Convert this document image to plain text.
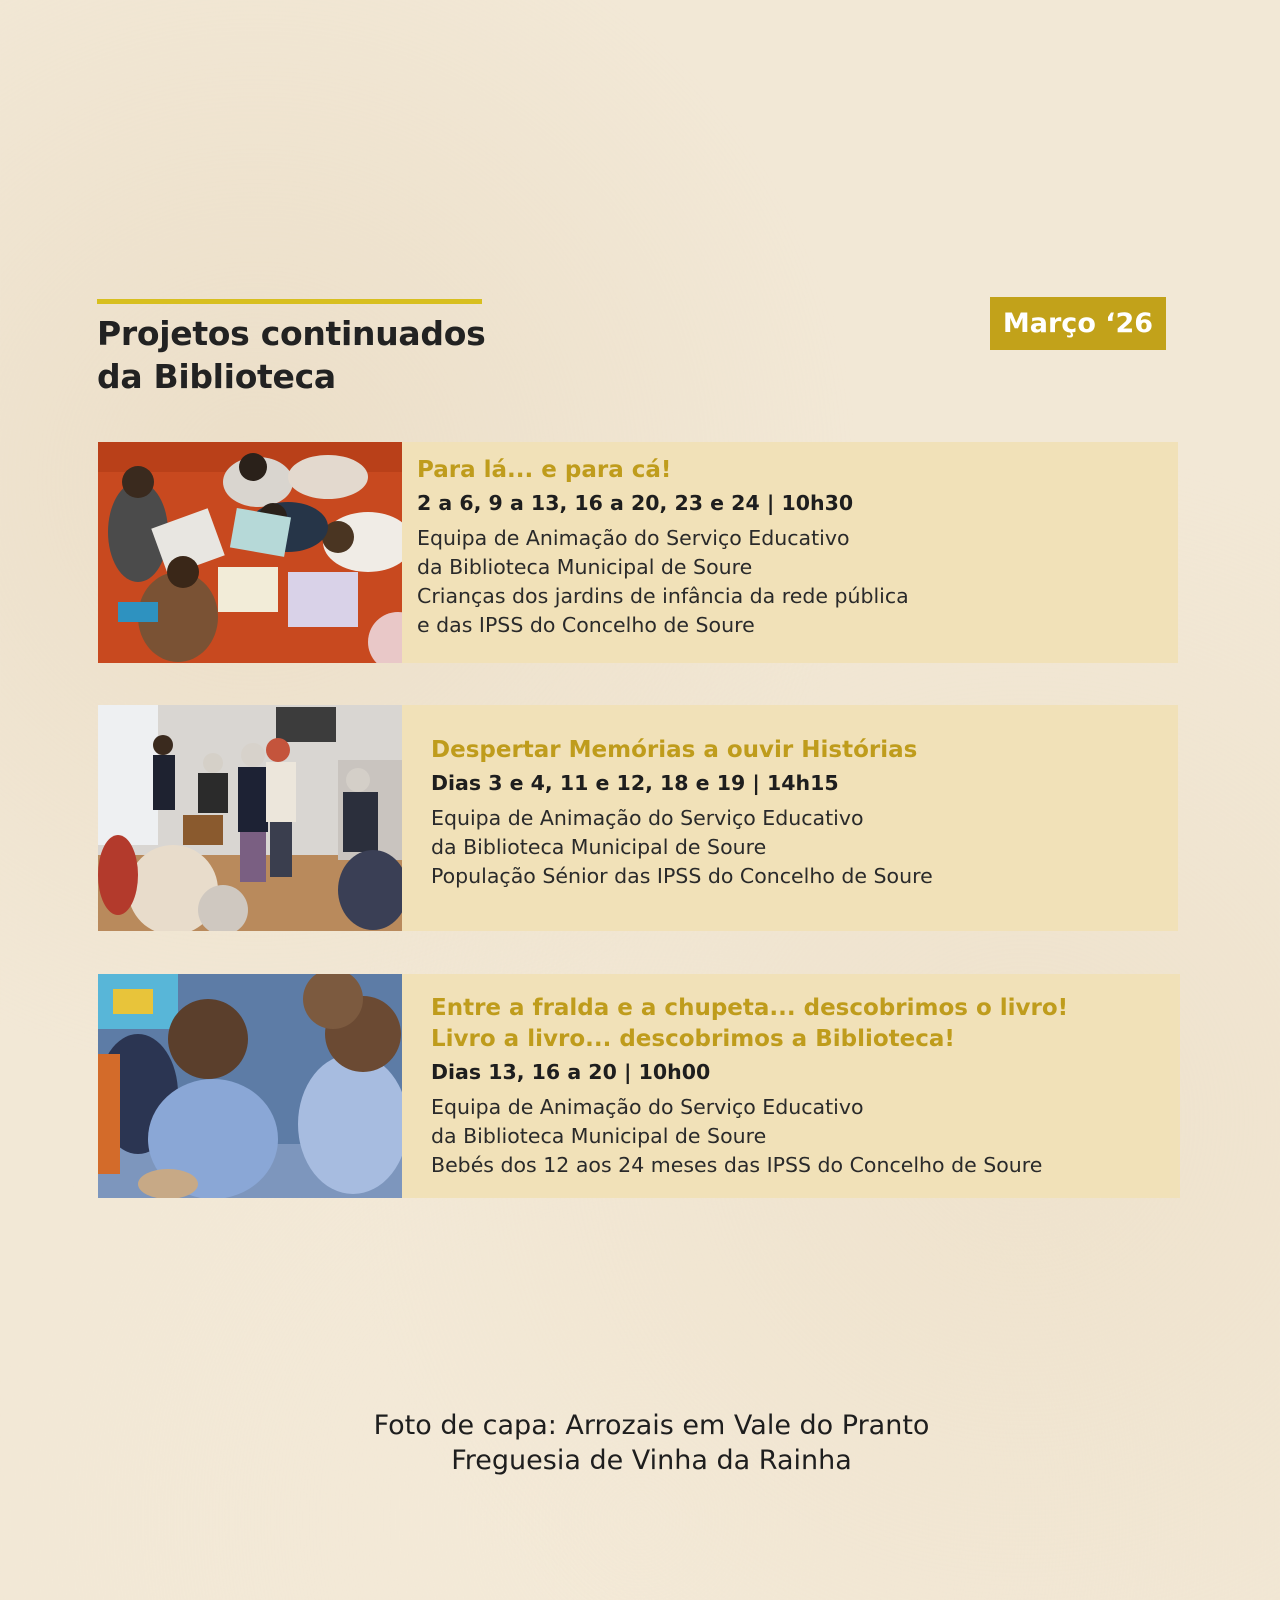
Projetos continuados
da Biblioteca
Março ‘26
Para lá... e para cá!
2 a 6, 9 a 13, 16 a 20, 23 e 24 | 10h30
Equipa de Animação do Serviço Educativo
da Biblioteca Municipal de Soure
Crianças dos jardins de infância da rede pública
e das IPSS do Concelho de Soure
Despertar Memórias a ouvir Histórias
Dias 3 e 4, 11 e 12, 18 e 19 | 14h15
Equipa de Animação do Serviço Educativo
da Biblioteca Municipal de Soure
População Sénior das IPSS do Concelho de Soure
Entre a fralda e a chupeta... descobrimos o livro!
Livro a livro... descobrimos a Biblioteca!
Dias 13, 16 a 20 | 10h00
Equipa de Animação do Serviço Educativo
da Biblioteca Municipal de Soure
Bebés dos 12 aos 24 meses das IPSS do Concelho de Soure
Foto de capa: Arrozais em Vale do Pranto
Freguesia de Vinha da Rainha
